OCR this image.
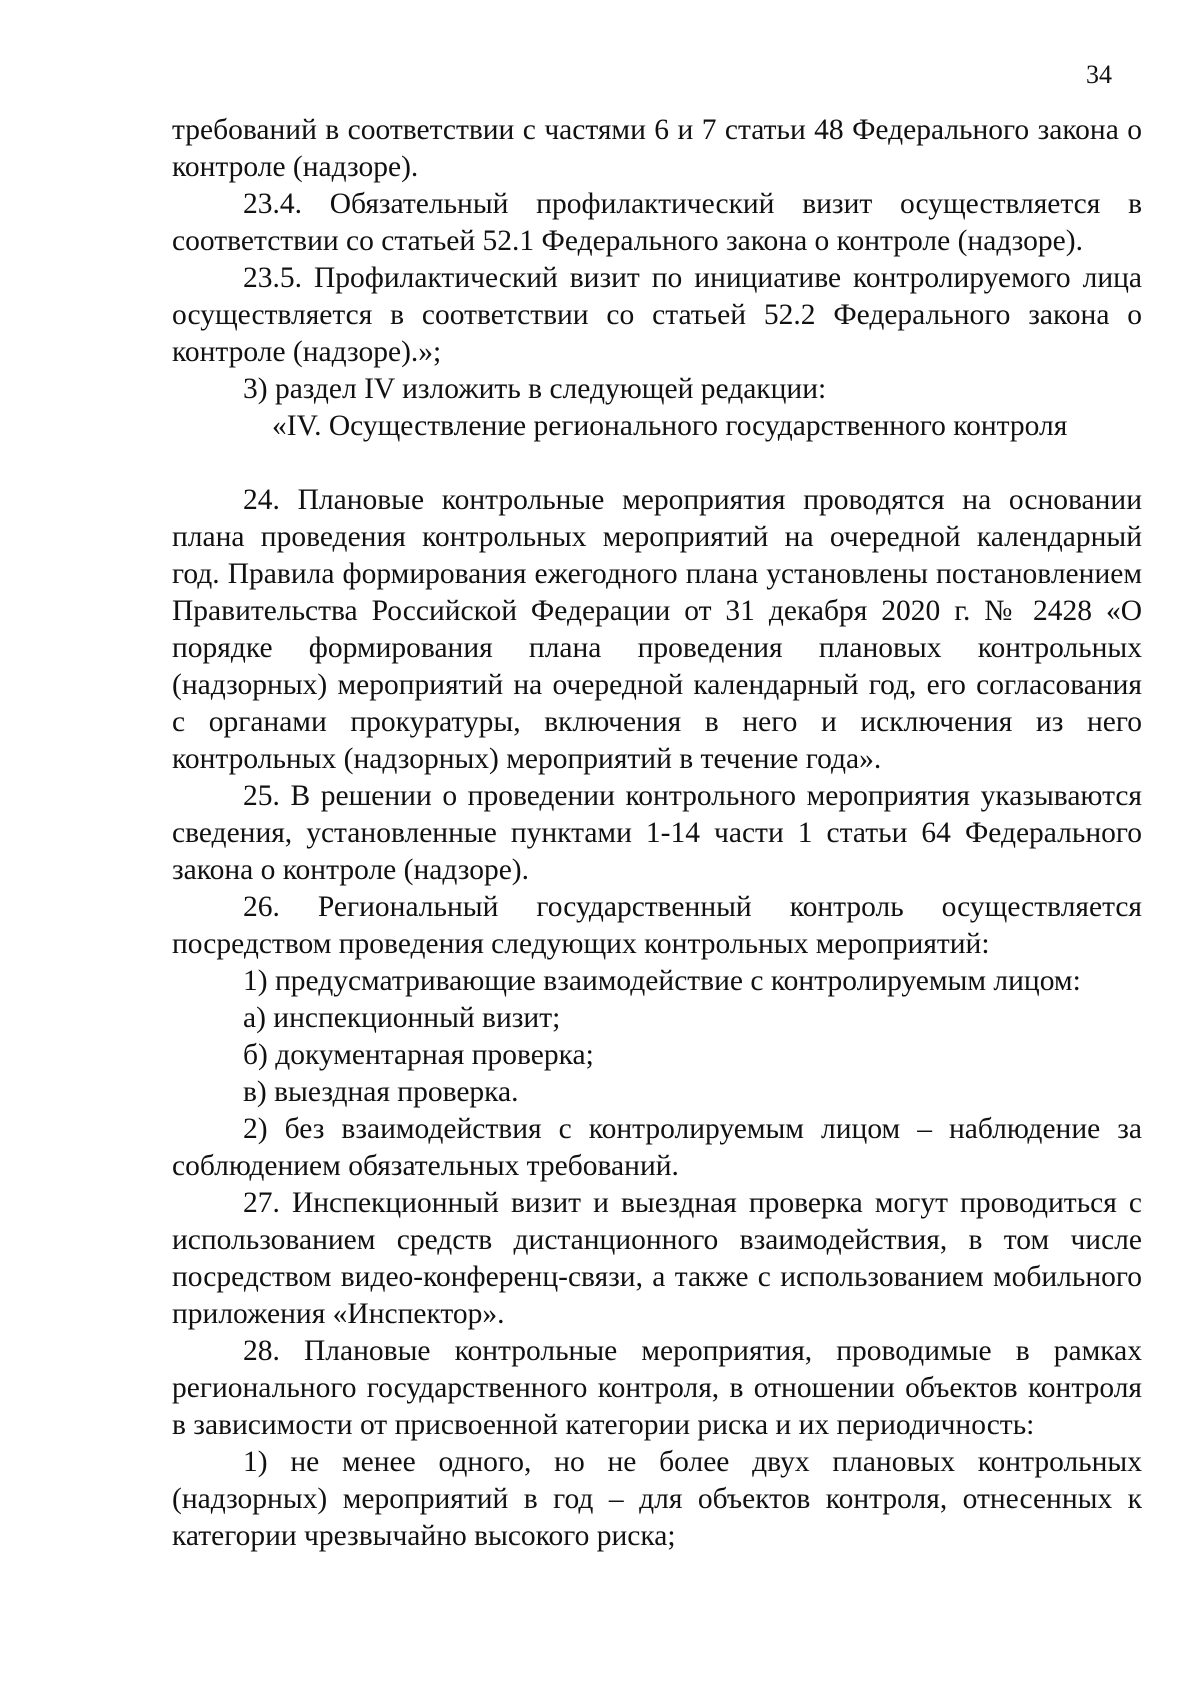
34

требований в соответствии с частями 6 и 7 статьи 48 Федерального закона о контроле (надзоре).

23.4. Обязательный профилактический визит осуществляется в соответствии со статьей 52.1 Федерального закона о контроле (надзоре).

23.5. Профилактический визит по инициативе контролируемого лица осуществляется в соответствии со статьей 52.2 Федерального закона о контроле (надзоре).»;

3) раздел IV изложить в следующей редакции:

«IV. Осуществление регионального государственного контроля

24. Плановые контрольные мероприятия проводятся на основании плана проведения контрольных мероприятий на очередной календарный год. Правила формирования ежегодного плана установлены постановлением Правительства Российской Федерации от 31 декабря 2020 г. № 2428 «О порядке формирования плана проведения плановых контрольных (надзорных) мероприятий на очередной календарный год, его согласования с органами прокуратуры, включения в него и исключения из него контрольных (надзорных) мероприятий в течение года».

25. В решении о проведении контрольного мероприятия указываются сведения, установленные пунктами 1-14 части 1 статьи 64 Федерального закона о контроле (надзоре).

26. Региональный государственный контроль осуществляется посредством проведения следующих контрольных мероприятий:

1) предусматривающие взаимодействие с контролируемым лицом:

а) инспекционный визит;

б) документарная проверка;

в) выездная проверка.

2) без взаимодействия с контролируемым лицом – наблюдение за соблюдением обязательных требований.

27. Инспекционный визит и выездная проверка могут проводиться с использованием средств дистанционного взаимодействия, в том числе посредством видео-конференц-связи, а также с использованием мобильного приложения «Инспектор».

28. Плановые контрольные мероприятия, проводимые в рамках регионального государственного контроля, в отношении объектов контроля в зависимости от присвоенной категории риска и их периодичность:

1) не менее одного, но не более двух плановых контрольных (надзорных) мероприятий в год – для объектов контроля, отнесенных к категории чрезвычайно высокого риска;
